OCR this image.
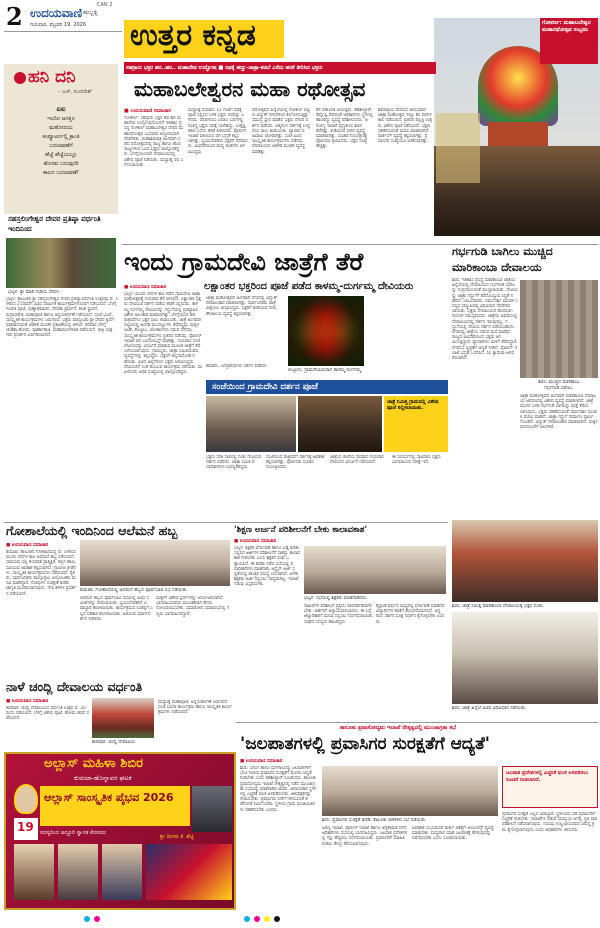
2 ಉದಯವಾಣಿ ಹುಬ್ಬಳ್ಳಿ
CAN 2
ಗುರುವಾರ, ಫೆಬ್ರವರಿ 19, 2026 ಉತ್ತರ ಕನ್ನಡ	ಗೋಕರ್ಣ: ಮಹಾಬಲೇಶ್ವರ ಮಹಾರಥೋತ್ಸವ ಸಂಭ್ರಮ
ಹನಿ ದನಿ
– ಎಚ್. ಸುಂದರೇಶ್
ಏಐ
ಇಂದಿನ ಜಗತ್ತಿನ
ಮಹೋದಯ
ಕಂಪ್ಯೂಟರ್ನಲ್ಲಿ ಕ್ರಾಂತಿ
ಬದಲಾವಣೆಗೆ
ಹೆಜ್ಜೆ ಹೆಜ್ಜೆಯಲ್ಲೂ
ಹೊಸತು ಬರುವುದೇ
ಕಾಲದ ಬದಲಾವಣೆ!
ಸಹಸ್ರಲಿಂಗೇಶ್ವರ ದೇವರ ಪ್ರತಿಷ್ಠಾ ವರ್ಧಂತಿ ಇಂದಿನಿಂದ
ಭಟ್ಕಳ: ಶ್ರೀ ಮಾರಿ ಗುಡಿಯ ದೇವಳ.
ಭಟ್ಕಳ: ತಾಲೂಕಿನ ಶ್ರೀ ಸಹಸ್ರಲಿಂಗೇಶ್ವರ ದೇವರ ಪ್ರತಿಷ್ಠಾ ವರ್ಧಂತಿ ಉತ್ಸವವು ಫೆ. 19ರಿಂದ 21ರವರೆಗೆ ವಿವಿಧ ಧಾರ್ಮಿಕ ಕಾರ್ಯಕ್ರಮಗಳೊಂದಿಗೆ ನಡೆಯಲಿದೆ. ಬೆಳಗ್ಗೆ ಗಣಪತಿ ಪೂಜೆ, ಪುಣ್ಯಾಹವಾಚನ, ದೇವತಾ ಪ್ರಾರ್ಥನೆ, ಕಲಶ ಸ್ಥಾಪನೆ, ರುದ್ರಾಭಿಷೇಕ, ಮಹಾಪೂಜೆ ಹಾಗೂ ಅನ್ನಸಂತರ್ಪಣೆ ನಡೆಯಲಿದೆ. ಸಂಜೆ ಭಜನೆ, ಸಾಂಸ್ಕೃತಿಕ ಕಾರ್ಯಕ್ರಮಗಳು ಜರುಗಲಿವೆ. ಭಕ್ತರು ಪಾಲ್ಗೊಂಡು ಶ್ರೀ ದೇವರ ಕೃಪೆಗೆ ಪಾತ್ರರಾಗುವಂತೆ ಆಡಳಿತ ಮಂಡಳಿ ಪ್ರಕಟಣೆಯಲ್ಲಿ ತಿಳಿಸಿದೆ. ಶನಿವಾರ ಬೆಳಗ್ಗೆ ಚಂಡಿಕಾ ಹೋಮ, ಪೂರ್ಣಾಹುತಿ, ಮಹಾಮಂಗಳಾರತಿ ನಡೆಯಲಿದೆ. ರಾತ್ರಿ ಯಕ್ಷಗಾನ ಪ್ರದರ್ಶನ ಏರ್ಪಡಿಸಲಾಗಿದೆ.
ಸಹಸ್ರಾರು ಭಕ್ತರ ಹರ..ಹರ.. ಮಹಾದೇವ ಉದ್ಘೋಷ ■ ರಥಕ್ಕೆ ಹಣ್ಣು-ಜಾತ್ರಾ-ಕಡಲೆ ಎಸೆದು ಹರಕೆ ತೀರಿಸಿದ ಭಕ್ತರು
ಮಹಾಬಲೇಶ್ವರನ ಮಹಾ ರಥೋತ್ಸವ
■ ಉದಯವಾಣಿ ಸಮಾಚಾರ
ಗೋಕರ್ಣ: ಸಹಸ್ರಾರು ಭಕ್ತರ ಹರ ಹರ ಮಹಾದೇವ ಉದ್ಘೋಷದೊಂದಿಗೆ ಇತಿಹಾಸ ಪ್ರಸಿದ್ಧ ಗೋಕರ್ಣ ಮಹಾಬಲೇಶ್ವರ ದೇವರ ಮಹಾರಥೋತ್ಸವ ಬುಧವಾರ ಅದ್ದೂರಿಯಾಗಿ ನೆರವೇರಿತು. ಮಹಾಶಿವರಾತ್ರಿ ಅಂಗವಾಗಿ ನಡೆದ ರಥೋತ್ಸವದಲ್ಲಿ ರಾಜ್ಯ ಹಾಗೂ ಹೊರ ರಾಜ್ಯಗಳಿಂದ ಬಂದ ಭಕ್ತರು ಪಾಲ್ಗೊಂಡಿದ್ದರು. ಬೆಳಗ್ಗೆಯಿಂದಲೇ ದೇವಾಲಯದಲ್ಲಿ ವಿಶೇಷ ಪೂಜೆ ನಡೆಯಿತು. ಮಧ್ಯಾಹ್ನ ರಥ ಎಳೆಯಲಾಯಿತು.
ಮಧ್ಯಾಹ್ನ ಸುಮಾರು 12 ಗಂಟೆಗೆ ರಥಕ್ಕೆ ಪೂಜೆ ಸಲ್ಲಿಸಿದ ಬಳಿಕ ಭಕ್ತರು ರಥವನ್ನು ಎಳೆದರು. ರಥಬೀದಿಯ ಎರಡೂ ಬದಿಗಳಲ್ಲಿ ನಿಂತಿದ್ದ ಭಕ್ತರು ರಥಕ್ಕೆ ಬಾಳೆಹಣ್ಣು, ಉತ್ತತ್ತಿ, ಕಡಲೆ ಎಸೆದು ಹರಕೆ ತೀರಿಸಿದರು. ಪೊಲೀಸ್ ಇಲಾಖೆ ವತಿಯಿಂದ ಬಿಗಿ ಭದ್ರತೆ ಕಲ್ಪಿಸಲಾಗಿತ್ತು. ಸ್ವಯಂಸೇವಕರು ಭಕ್ತರಿಗೆ ನೆರವಾದರು. ವಿವಿಧೆಡೆಯಿಂದ ವಾದ್ಯ ತಂಡಗಳು ಆಗಮಿಸಿದ್ದವು.
ರಥೋತ್ಸವದ ಹಿನ್ನೆಲೆಯಲ್ಲಿ ಗೋಕರ್ಣ ಪಟ್ಟಣ ವಿದ್ಯುತ್ ದೀಪಗಳಿಂದ ಕಂಗೊಳಿಸುತ್ತಿತ್ತು. ಸಮುದ್ರ ಸ್ನಾನ ಮಾಡಿದ ಭಕ್ತರು ದೇವರ ದರ್ಶನ ಪಡೆದರು. ಆತ್ಮಲಿಂಗ ದರ್ಶನಕ್ಕೆ ಉದ್ದನೆಯ ಸಾಲು ಕಂಡುಬಂತು. ವ್ಯಾಪಾರ ವಹಿವಾಟು ಜೋರಾಗಿತ್ತು. ಸಂಜೆ ವಿವಿಧ ಸಾಂಸ್ಕೃತಿಕ ಕಾರ್ಯಕ್ರಮಗಳು ನಡೆದವು. ದೇವಾಲಯದ ಆಡಳಿತ ಮಂಡಳಿ ವ್ಯವಸ್ಥೆ ಮಾಡಿತ್ತು.
ಕೆರೆ ಸಹಾಯಕ ಆಯುಕ್ತರು, ತಹಶೀಲ್ದಾರ್, ಡಿವೈಎಸ್ಪಿ ಸೇರಿದಂತೆ ಅಧಿಕಾರಿಗಳು ಸ್ಥಳದಲ್ಲಿ ಹಾಜರಿದ್ದು ವ್ಯವಸ್ಥೆ ಪರಿಶೀಲಿಸಿದರು. ಆರೋಗ್ಯ ಇಲಾಖೆ ವೈದ್ಯಕೀಯ ಶಿಬಿರ ತೆರೆದಿತ್ತು. ಕುಡಿಯುವ ನೀರಿನ ವ್ಯವಸ್ಥೆ ಮಾಡಲಾಗಿತ್ತು. ಸಂಚಾರ ನಿಯಂತ್ರಣಕ್ಕೆ ಪೊಲೀಸರು ಶ್ರಮಿಸಿದರು. ಭಕ್ತರ ಸಂಖ್ಯೆ ಹೆಚ್ಚಿತ್ತು.
ಶಿವರಾತ್ರಿಯ ದಿನದಿಂದ ಆರಂಭವಾದ ಜಾತ್ರಾ ಮಹೋತ್ಸವ ಇನ್ನೂ ಕೆಲ ದಿನಗಳ ಕಾಲ ನಡೆಯಲಿದೆ. ಪ್ರತಿದಿನ ಪಲ್ಲಕ್ಕಿ ಉತ್ಸವ, ವಿಶೇಷ ಪೂಜೆ ನಡೆಯಲಿದೆ. ಭಕ್ತರು ಸಹಕರಿಸುವಂತೆ ಮನವಿ ಮಾಡಲಾಗಿದೆ. ಪಾರ್ಕಿಂಗ್ ವ್ಯವಸ್ಥೆ ಕಲ್ಪಿಸಲಾಗಿತ್ತು. ಪ್ರವಾಸಿಗರ ಸಂಖ್ಯೆಯೂ ಏರಿಕೆಯಾಗಿತ್ತು.
ಇಂದು ಗ್ರಾಮದೇವಿ ಜಾತ್ರೆಗೆ ತೆರೆ
ಲಕ್ಷಾಂತರ ಭಕ್ತರಿಂದ ಪೂಜೆ ಪಡೆದ ಕಾಳಮ್ಮ-ದುರ್ಗಮ್ಮ ದೇವಿಯರು
■ ಉದಯವಾಣಿ ಸಮಾಚಾರ
ಭಟ್ಕಳ: ಮೂರು ದಿನಗಳ ಕಾಲ ನಡೆದ ಗ್ರಾಮದೇವಿ ಜಾತ್ರಾ ಮಹೋತ್ಸವಕ್ಕೆ ಗುರುವಾರ ತೆರೆ ಬೀಳಲಿದೆ. ಲಕ್ಷಾಂತರ ಭಕ್ತರು ದೇವಿಯರ ದರ್ಶನ ಪಡೆದು ಹರಕೆ ಸಲ್ಲಿಸಿದರು. ಕಾಳಮ್ಮ-ದುರ್ಗಮ್ಮ ದೇವಿಯರನ್ನು ಗದ್ದುಗೆಯಲ್ಲಿ ಪ್ರತಿಷ್ಠಾಪಿಸಿ ವಿಶೇಷ ಅಲಂಕಾರ ಮಾಡಲಾಗಿತ್ತು. ಬೆಳಗ್ಗೆಯಿಂದ ತಡರಾತ್ರಿವರೆಗೂ ಭಕ್ತರ ಸಾಲು ಕಂಡುಬಂತು. ಜಾತ್ರೆ ಅಂಗವಾಗಿ ಪಟ್ಟಣದಲ್ಲಿ ಅಂಗಡಿ ಮುಂಗಟ್ಟುಗಳು ತೆರೆದಿದ್ದವು. ಮಕ್ಕಳ ಆಟಿಕೆ, ತೊಟ್ಟಿಲು, ಜೋಕಾಲಿಗಳು ಗಮನ ಸೆಳೆದವು. ಸಾಂಸ್ಕೃತಿಕ ಕಾರ್ಯಕ್ರಮಗಳು ಪ್ರತಿದಿನ ನಡೆದವು. ಪೊಲೀಸ್ ಇಲಾಖೆ ಬಿಗಿ ಬಂದೋಬಸ್ತ್ ಮಾಡಿತ್ತು. ಗುರುವಾರ ಸಂಜೆ ದೇವಿಯರನ್ನು ವಿಸರ್ಜನೆ ಮಾಡುವ ಮೂಲಕ ಜಾತ್ರೆಗೆ ತೆರೆ ಎಳೆಯಲಾಗುವುದು. ಗ್ರಾಮಸ್ಥರು, ಜಾತ್ರಾ ಸಮಿತಿಯವರು ವ್ಯವಸ್ಥೆಗಳನ್ನು ಕಲ್ಪಿಸಿದ್ದರು. ಭಕ್ತರಿಗೆ ಅನ್ನದಾಸೋಹ ನಡೆಯಿತು. ವಿವಿಧ ಜಿಲ್ಲೆಗಳಿಂದ ಭಕ್ತರು ಆಗಮಿಸಿದ್ದರು. ದೇವಿಯರಿಗೆ ಉಡಿ ತುಂಬುವ ಕಾರ್ಯಕ್ರಮ ನಡೆಯಿತು. ಮಹಿಳೆಯರು ಅಧಿಕ ಸಂಖ್ಯೆಯಲ್ಲಿ ಪಾಲ್ಗೊಂಡಿದ್ದರು.
ಜಾತ್ರಾ ಮಹೋತ್ಸವದ ಅಂಗವಾಗಿ ನಗರದಲ್ಲಿ ವಿದ್ಯುತ್ ದೀಪಾಲಂಕಾರ ಮಾಡಲಾಗಿತ್ತು. ಸಾರ್ವಜನಿಕರು ಜಾತ್ರೆ ವೀಕ್ಷಿಸಲು ಆಗಮಿಸಿದ್ದರು. ಭಕ್ತರಿಗೆ ಕುಡಿಯುವ ನೀರು, ಶೌಚಾಲಯ ವ್ಯವಸ್ಥೆ ಕಲ್ಪಿಸಲಾಗಿತ್ತು.
ಬಿಜ್ಜೂರು: ಗ್ರಾಮದೇವಿಯರಾದ ಕಾಳಮ್ಮ-ದುರ್ಗಮ್ಮ.
ಶಾಸಕರು, ಜನಪ್ರತಿನಿಧಿಗಳು ದರ್ಶನ ಪಡೆದರು.
ಸಂಜೆಯಿಂದ ಗ್ರಾಮದೇವಿ ದರ್ಶನ ಪೂಜೆ
ಜಾತ್ರೆ ನಿಮಿತ್ತ ಗ್ರಾಮದಲ್ಲಿ ವಿಶೇಷ ಪೂಜೆ ಸಲ್ಲಿಸಲಾಯಿತು.
ಭಕ್ತರು ಸರತಿ ಸಾಲಿನಲ್ಲಿ ನಿಂತು ದೇವಿಯರ ದರ್ಶನ ಪಡೆದರು. ಜಾತ್ರಾ ಸಮಿತಿ ಪದಾಧಿಕಾರಿಗಳು ಉಪಸ್ಥಿತರಿದ್ದರು.
ಸಂಜೆಯಿಂದ ರಾತ್ರಿವರೆಗೆ ದರ್ಶನಕ್ಕೆ ಅವಕಾಶ ಕಲ್ಪಿಸಲಾಗಿತ್ತು. ಪೊಲೀಸರು ಸಂಚಾರ ನಿಯಂತ್ರಿಸಿದರು.
ಜಾತ್ರೆಯ ಕೊನೆಯ ದಿನವಾದ ಗುರುವಾರ ದೇವಿಯರ ವಿಸರ್ಜನೆ ನಡೆಯಲಿದೆ.
ಈ ಸಂದರ್ಭದಲ್ಲಿ ಸಾವಿರಾರು ಭಕ್ತರು ಭಾಗವಹಿಸುವ ನಿರೀಕ್ಷೆ ಇದೆ.
ಗರ್ಭಗುಡಿ ಬಾಗಿಲು ಮುಚ್ಚಿದ
ಮಾರಿಕಾಂಬಾ ದೇವಾಲಯ
ಶಿರಸಿ: ಇತಿಹಾಸ ಪ್ರಸಿದ್ಧ ಮಾರಿಕಾಂಬಾ ಜಾತ್ರೆಯ ಹಿನ್ನೆಲೆಯಲ್ಲಿ ದೇವಾಲಯದ ಗರ್ಭಗುಡಿ ಬಾಗಿಲನ್ನು ಸಂಪ್ರದಾಯದಂತೆ ಮುಚ್ಚಲಾಯಿತು. ದೇವಿಯನ್ನು ಜಾತ್ರಾ ಗದ್ದುಗೆಗೆ ಕರೆದೊಯ್ಯುವ ಸಿದ್ಧತೆ ನಡೆದಿದೆ. ಬಾಬುದಾರರು, ಧರ್ಮದರ್ಶಿ ಮಂಡಳಿ ಸದಸ್ಯರ ಸಮ್ಮುಖದಲ್ಲಿ ವಿಧಿವಿಧಾನ ನೆರವೇರಿಸಲಾಯಿತು. ಭಕ್ತರು ದೇವಾಲಯದ ಹೊರಭಾಗದಿಂದಲೇ ನಮಸ್ಕರಿಸಿದರು. ಜಾತ್ರೆಯ ಅವಧಿಯಲ್ಲಿ ದೇವಾಲಯದಲ್ಲಿ ದರ್ಶನ ಇರುವುದಿಲ್ಲ. ಗದ್ದುಗೆಯಲ್ಲಿ ದೇವಿಯ ದರ್ಶನ ಪಡೆಯಬಹುದು. ನಗರದಲ್ಲಿ ಜಾತ್ರೆಯ ಸಡಗರ ಮನೆ ಮಾಡಿದೆ. ರಾಜ್ಯದ ವಿವಿಧೆಡೆಯಿಂದ ಭಕ್ತರು ಆಗಮಿಸುತ್ತಿದ್ದಾರೆ. ವ್ಯಾಪಾರಿಗಳು ಮಳಿಗೆ ತೆರೆದಿದ್ದಾರೆ. ನಗರಸಭೆ ಸ್ವಚ್ಛತೆಗೆ ಆದ್ಯತೆ ನೀಡಿದೆ. ಪೊಲೀಸ್ ಇಲಾಖೆ ಭದ್ರತೆ ಒದಗಿಸಿದೆ. ಸಿಸಿ ಕ್ಯಾಮೆರಾ ಅಳವಡಿಸಲಾಗಿದೆ.
ಶಿರಸಿ: ಮುಚ್ಚಿದ ಮಾರಿಕಾಂಬ
ಗರ್ಭಗುಡಿ ಬಾಗಿಲು.
ಜಾತ್ರಾ ಮಹೋತ್ಸವದ ಅಂಗವಾಗಿ ಮಾರಿಕಾಂಬಾ ದೇವಾಲಯ ಆವರಣದಲ್ಲಿ ವಿಶೇಷ ವ್ಯವಸ್ಥೆ ಮಾಡಲಾಗಿದೆ. ಜಾತ್ರೆ ಮುಗಿದ ಬಳಿಕ ಗರ್ಭಗುಡಿ ಬಾಗಿಲನ್ನು ಮತ್ತೆ ತೆರೆಯಲಾಗುವುದು. ಭಕ್ತರು ಸಹಕರಿಸುವಂತೆ ಧರ್ಮದರ್ಶಿ ಮಂಡಳಿ ಮನವಿ ಮಾಡಿದೆ. ಜಾತ್ರಾ ಗದ್ದುಗೆ ನಿರ್ಮಾಣ ಪೂರ್ಣಗೊಂಡಿದೆ. ವಿದ್ಯುತ್ ದೀಪಾಲಂಕಾರ ಮಾಡಲಾಗಿದೆ. ಮಕ್ಕಳ ಮನರಂಜನೆಗೆ ಆಟಗಳಿವೆ.
ಶಿರಸಿ: ಜಾತ್ರೆ ನಿಮಿತ್ತ ಮಾರಿಕಾಂಬಾ ದೇವಾಲಯಕ್ಕೆ ಭಕ್ತರ ದಂಡು.
ಶಿರಸಿ: ಜಾತ್ರೆ ಹಿನ್ನೆಲೆ ವಿವಿಧ ವಿಧಿವಿಧಾನ ನಡೆಯಿತು.
ಗೋಶಾಲೆಯಲ್ಲಿ ಇಂದಿನಿಂದ ಆಲೆಮನೆ ಹಬ್ಬ
■ ಉದಯವಾಣಿ ಸಮಾಚಾರ
ಕುಮಟಾ: ತಾಲೂಕಿನ ಗೋಶಾಲೆಯಲ್ಲಿ ಫೆ. 19ರಿಂದ ಮೂರು ದಿನಗಳ ಕಾಲ ಆಲೆಮನೆ ಹಬ್ಬ ನಡೆಯಲಿದೆ. ಸಾವಯವ ಬೆಲ್ಲ ತಯಾರಿಕೆ ಪ್ರಾತ್ಯಕ್ಷಿಕೆ, ಕಬ್ಬಿನ ಹಾಲು ಸವಿಯುವ ಅವಕಾಶ ಕಲ್ಪಿಸಲಾಗಿದೆ. ಗ್ರಾಮೀಣ ಕ್ರೀಡೆಗಳು, ಸಾಂಸ್ಕೃತಿಕ ಕಾರ್ಯಕ್ರಮಗಳು ನಡೆಯಲಿವೆ. ರೈತರು, ಸಾರ್ವಜನಿಕರು ಪಾಲ್ಗೊಳ್ಳಲು ಆಯೋಜಕರು ಮನವಿ ಮಾಡಿದ್ದಾರೆ. ಗೋವುಗಳ ಸಂರಕ್ಷಣೆ ಕುರಿತು ಜಾಗೃತಿ ಮೂಡಿಸಲಾಗುವುದು. ದೇಸಿ ತಳಿಗಳ ಪ್ರದರ್ಶನ ನಡೆಯಲಿದೆ.
ಕುಮಟಾ: ಗೋಶಾಲೆಯಲ್ಲಿ ಆಲೆಮನೆ ಹಬ್ಬದ ಪೂರ್ವಭಾವಿ ಸಭೆ ನಡೆಯಿತು.
ಆಲೆಮನೆ ಹಬ್ಬದ ಪೂರ್ವಭಾವಿ ಸಭೆಯಲ್ಲಿ ವಿವಿಧ ಸಮಿತಿಗಳನ್ನು ರಚಿಸಲಾಯಿತು. ಸ್ವಯಂಸೇವಕರಿಗೆ ಜವಾಬ್ದಾರಿ ಹಂಚಲಾಯಿತು. ಕಾರ್ಯಕ್ರಮದ ಯಶಸ್ಸಿಗೆ ಎಲ್ಲರ ಸಹಕಾರ ಕೋರಲಾಯಿತು. ಹಿರಿಯರು ಮಾರ್ಗದರ್ಶನ ನೀಡಿದರು.
ಮಕ್ಕಳಿಗೆ ವಿಶೇಷ ಸ್ಪರ್ಧೆಗಳನ್ನು ಆಯೋಜಿಸಲಾಗಿದೆ. ಭಾಗವಹಿಸುವವರು ಮುಂಚಿತವಾಗಿ ಹೆಸರು ನೋಂದಾಯಿಸಬೇಕು. ಸಮಾರೋಪ ಸಮಾರಂಭದಲ್ಲಿ ಗಣ್ಯರು ಭಾಗವಹಿಸಲಿದ್ದಾರೆ.
'ಶಿಕ್ಷಣ ಅರ್ಜನೆ ಪರಿಶೀಲನೆಗೆ ಬೇಕು ಕಾಲಾವಕಾಶ'
■ ಉದಯವಾಣಿ ಸಮಾಚಾರ
ಭಟ್ಕಳ: ಶಿಕ್ಷಕರ ವರ್ಗಾವಣೆ ಹಾಗೂ ಬಡ್ತಿ ಕುರಿತು ಸಲ್ಲಿಸಿದ ಅರ್ಜಿಗಳ ಪರಿಶೀಲನೆಗೆ ಸಾಕಷ್ಟು ಕಾಲಾವಕಾಶ ನೀಡಬೇಕು ಎಂದು ಶಿಕ್ಷಕರ ಸಂಘ ಒತ್ತಾಯಿಸಿದೆ. ಈ ಕುರಿತು ನಡೆದ ಸಭೆಯಲ್ಲಿ ಪದಾಧಿಕಾರಿಗಳು ಮಾತನಾಡಿ, ಆನ್ಲೈನ್ ಅರ್ಜಿ ಸಲ್ಲಿಕೆಯಲ್ಲಿ ತಾಂತ್ರಿಕ ಸಮಸ್ಯೆ ಎದುರಾಗಿದೆ. ಅನೇಕ ಶಿಕ್ಷಕರು ಅರ್ಜಿ ಸಲ್ಲಿಸಲು ಸಾಧ್ಯವಾಗಿಲ್ಲ. ಇಲಾಖೆ ಗಡುವು ವಿಸ್ತರಿಸಬೇಕು.
ಭಟ್ಕಳ: ಸಭೆಯಲ್ಲಿ ಶಿಕ್ಷಕರು ಮಾತನಾಡಿದರು.
ದಾಖಲೆಗಳ ಪರಿಶೀಲನೆ ಪ್ರಕ್ರಿಯೆ ಪಾರದರ್ಶಕವಾಗಿರಬೇಕು. ಅರ್ಹರಿಗೆ ಅನ್ಯಾಯವಾಗಬಾರದು. ಈ ಬಗ್ಗೆ ಜಿಲ್ಲಾಧಿಕಾರಿಗೆ ಮನವಿ ಸಲ್ಲಿಸಲು ನಿರ್ಧರಿಸಲಾಯಿತು. ಸಂಘದ ಸದಸ್ಯರು ಹಾಜರಿದ್ದರು.
ಶೈಕ್ಷಣಿಕ ವರ್ಷದ ಮಧ್ಯದಲ್ಲಿ ವರ್ಗಾವಣೆ ಮಾಡಿದರೆ ವಿದ್ಯಾರ್ಥಿಗಳ ಕಲಿಕೆಗೆ ತೊಂದರೆಯಾಗಲಿದೆ. ಆದ್ದರಿಂದ ಸರ್ಕಾರ ಸೂಕ್ತ ನಿರ್ಧಾರ ಕೈಗೊಳ್ಳಬೇಕು ಎಂದರು.
ನಾಳೆ ಚಂದ್ಲಿ ದೇವಾಲಯ ವರ್ಧಂತಿ
■ ಉದಯವಾಣಿ ಸಮಾಚಾರ
ಕಾರವಾರ: ಚಂದ್ಲಿ ದೇವಾಲಯದ ವರ್ಧಂತಿ ಉತ್ಸವ ಫೆ. 20ರಂದು ನಡೆಯಲಿದೆ. ಬೆಳಗ್ಗೆ ವಿಶೇಷ ಪೂಜೆ, ಹೋಮ ಹವನ ನಡೆಯಲಿದೆ.
ಕಾರವಾರ: ಚಂದ್ಲಿ ದೇವಾಲಯ.
ಮಧ್ಯಾಹ್ನ ಮಹಾಪೂಜೆ, ಅನ್ನಸಂತರ್ಪಣೆ ಜರುಗಲಿದೆ. ಸಂಜೆ ಭಜನಾ ಕಾರ್ಯಕ್ರಮ ಹಾಗೂ ಸಾಂಸ್ಕೃತಿಕ ಕಾರ್ಯಕ್ರಮಗಳು ನಡೆಯಲಿವೆ.
ತಾಲೂಕು ಪ್ರವಾಸೋದ್ಯಮ ಇಲಾಖೆ ನೇತೃತ್ವದಲ್ಲಿ ಮುಂಜಾಗ್ರತಾ ಸಭೆ
'ಜಲಪಾತಗಳಲ್ಲಿ ಪ್ರವಾಸಿಗರ ಸುರಕ್ಷತೆಗೆ ಆದ್ಯತೆ'
■ ಉದಯವಾಣಿ ಸಮಾಚಾರ
ಶಿರಸಿ: ಬೇಸಿಗೆ ಹಾಗೂ ಮಳೆಗಾಲದಲ್ಲಿ ಜಲಪಾತಗಳಿಗೆ ಭೇಟಿ ನೀಡುವ ಪ್ರವಾಸಿಗರ ಸುರಕ್ಷತೆಗೆ ಮೊದಲ ಆದ್ಯತೆ ನೀಡಬೇಕು ಎಂದು ತಹಶೀಲ್ದಾರ್ ಸೂಚಿಸಿದರು. ತಾಲೂಕು ಪ್ರವಾಸೋದ್ಯಮ ಇಲಾಖೆ ನೇತೃತ್ವದಲ್ಲಿ ನಡೆದ ಮುಂಜಾಗ್ರತಾ ಸಭೆಯಲ್ಲಿ ಮಾತನಾಡಿದ ಅವರು, ಅಪಾಯಕಾರಿ ಸ್ಥಳಗಳಲ್ಲಿ ಎಚ್ಚರಿಕೆ ಫಲಕ ಅಳವಡಿಸಬೇಕು. ಜೀವರಕ್ಷಕರನ್ನು ನೇಮಿಸಬೇಕು. ಪ್ರವಾಸಿಗರು ನೀರಿಗೆ ಇಳಿಯದಂತೆ ತಡೆಗೋಡೆ ನಿರ್ಮಿಸಬೇಕು. ಸ್ಥಳೀಯ ಗ್ರಾಮ ಪಂಚಾಯಿತಿಗಳು ಸಹಕರಿಸಬೇಕು ಎಂದರು.
ಶಿರಸಿ: ಪ್ರವಾಸಿಗರ ಸುರಕ್ಷತೆ ಕುರಿತು ತಾಲೂಕು ಆಡಳಿತದ ಸಭೆ ನಡೆಯಿತು.
ಅರಣ್ಯ ಇಲಾಖೆ, ಪೊಲೀಸ್ ಇಲಾಖೆ ಹಾಗೂ ಅಗ್ನಿಶಾಮಕ ದಳದ ಅಧಿಕಾರಿಗಳು ಸಭೆಯಲ್ಲಿ ಭಾಗವಹಿಸಿದ್ದರು. ಜಲಪಾತ ಪ್ರದೇಶಗಳಲ್ಲಿ ಗಸ್ತು ಹೆಚ್ಚಿಸಲು ನಿರ್ಧರಿಸಲಾಯಿತು. ಪ್ರವಾಸಿಗರಿಗೆ ಮಾಹಿತಿ ನೀಡಲು ಕೇಂದ್ರ ತೆರೆಯಲಾಗುವುದು.
ಅಪಘಾತ ಸಂಭವಿಸಿದರೆ ತುರ್ತು ಚಿಕಿತ್ಸೆಗೆ ಆಂಬುಲೆನ್ಸ್ ವ್ಯವಸ್ಥೆ ಮಾಡಬೇಕು. ಮದ್ಯಪಾನ ಮಾಡಿ ಜಲಪಾತಕ್ಕೆ ತೆರಳುವುದನ್ನು ನಿಷೇಧಿಸಬೇಕು ಎಂದು ಸೂಚಿಸಲಾಯಿತು.
ಜಲಪಾತ ಪ್ರದೇಶಗಳಲ್ಲಿ ಎಚ್ಚರಿಕೆ ಫಲಕ ಅಳವಡಿಸಲು ಸೂಚನೆ ನೀಡಲಾಗಿದೆ.
ಪ್ರವಾಸಿಗರ ಸುರಕ್ಷತೆ ಎಲ್ಲರ ಜವಾಬ್ದಾರಿ. ಸ್ಥಳೀಯರು ಸಹ ಪ್ರವಾಸಿಗರಿಗೆ ಎಚ್ಚರಿಕೆ ನೀಡಬೇಕು. ಇಲಾಖೆಗಳ ನಡುವೆ ಸಮನ್ವಯ ಅಗತ್ಯ. ಪ್ರತಿ ವಾರ ಪರಿಶೀಲನೆ ನಡೆಸಲಾಗುವುದು. ನಿಯಮ ಉಲ್ಲಂಘಿಸುವವರ ವಿರುದ್ಧ ಕ್ರಮ ಕೈಗೊಳ್ಳಲಾಗುವುದು ಎಂದು ಅಧಿಕಾರಿಗಳು ತಿಳಿಸಿದರು.
ಅಲ್ಲಾಸ್ ಮಹಿಳಾ ಶಿಬಿರ
ಕುಮಟಾ-ಹೊನ್ನಾವರ ಘಟಕ
ಆಲ್ಲಾಸ್ ಸಾಂಸ್ಕೃತಿಕ ಪೈಭವ 2026
19 ಸದಸ್ಯರಿಂದ ಅದ್ದೂರಿ ಸ್ವಾಗತ ಕೋರಲು
ಶ್ರೀ ದಿನಕರ ಕೆ. ಶೆಟ್ಟಿ
